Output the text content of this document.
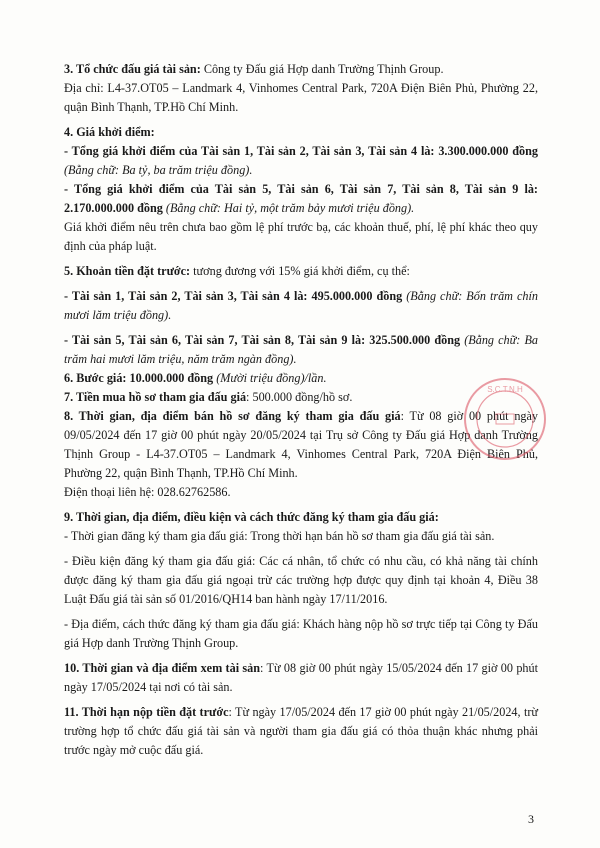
3. Tổ chức đấu giá tài sản: Công ty Đấu giá Hợp danh Trường Thịnh Group.

Địa chỉ: L4-37.OT05 – Landmark 4, Vinhomes Central Park, 720A Điện Biên Phủ, Phường 22, quận Bình Thạnh, TP.Hồ Chí Minh.

4. Giá khởi điểm:

- Tổng giá khởi điểm của Tài sản 1, Tài sản 2, Tài sản 3, Tài sản 4 là: 3.300.000.000 đồng (Bằng chữ: Ba tỷ, ba trăm triệu đồng).

- Tổng giá khởi điểm của Tài sản 5, Tài sản 6, Tài sản 7, Tài sản 8, Tài sản 9 là: 2.170.000.000 đồng (Bằng chữ: Hai tỷ, một trăm bảy mươi triệu đồng).

Giá khởi điểm nêu trên chưa bao gồm lệ phí trước bạ, các khoản thuế, phí, lệ phí khác theo quy định của pháp luật.

5. Khoản tiền đặt trước: tương đương với 15% giá khởi điểm, cụ thể:

- Tài sản 1, Tài sản 2, Tài sản 3, Tài sản 4 là: 495.000.000 đồng (Bằng chữ: Bốn trăm chín mươi lăm triệu đồng).

- Tài sản 5, Tài sản 6, Tài sản 7, Tài sản 8, Tài sản 9 là: 325.500.000 đồng (Bằng chữ: Ba trăm hai mươi lăm triệu, năm trăm ngàn đồng).

6. Bước giá: 10.000.000 đồng (Mười triệu đồng)/lần.

7. Tiền mua hồ sơ tham gia đấu giá: 500.000 đồng/hồ sơ.

8. Thời gian, địa điểm bán hồ sơ đăng ký tham gia đấu giá: Từ 08 giờ 00 phút ngày 09/05/2024 đến 17 giờ 00 phút ngày 20/05/2024 tại Trụ sở Công ty Đấu giá Hợp danh Trường Thịnh Group - L4-37.OT05 – Landmark 4, Vinhomes Central Park, 720A Điện Biên Phủ, Phường 22, quận Bình Thạnh, TP.Hồ Chí Minh.

Điện thoại liên hệ: 028.62762586.

9. Thời gian, địa điểm, điều kiện và cách thức đăng ký tham gia đấu giá:

- Thời gian đăng ký tham gia đấu giá: Trong thời hạn bán hồ sơ tham gia đấu giá tài sản.

- Điều kiện đăng ký tham gia đấu giá: Các cá nhân, tổ chức có nhu cầu, có khả năng tài chính được đăng ký tham gia đấu giá ngoại trừ các trường hợp được quy định tại khoản 4, Điều 38 Luật Đấu giá tài sản số 01/2016/QH14 ban hành ngày 17/11/2016.

- Địa điểm, cách thức đăng ký tham gia đấu giá: Khách hàng nộp hồ sơ trực tiếp tại Công ty Đấu giá Hợp danh Trường Thịnh Group.

10. Thời gian và địa điểm xem tài sản: Từ 08 giờ 00 phút ngày 15/05/2024 đến 17 giờ 00 phút ngày 17/05/2024 tại nơi có tài sản.

11. Thời hạn nộp tiền đặt trước: Từ ngày 17/05/2024 đến 17 giờ 00 phút ngày 21/05/2024, trừ trường hợp tổ chức đấu giá tài sản và người tham gia đấu giá có thỏa thuận khác nhưng phải trước ngày mở cuộc đấu giá.

S.C.T.N.H
3
